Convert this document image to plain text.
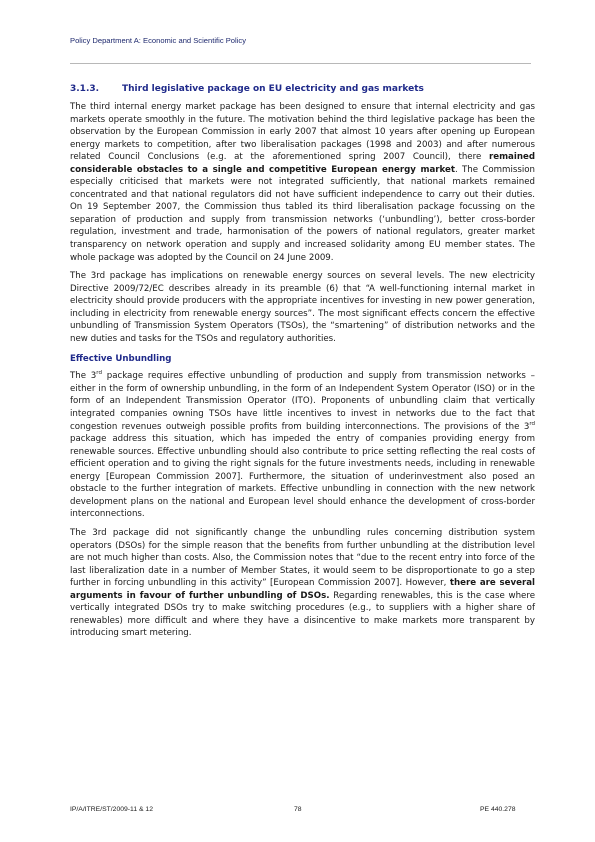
Policy Department A: Economic and Scientific Policy
3.1.3.	Third legislative package on EU electricity and gas markets

The third internal energy market package has been designed to ensure that internal electricity and gas markets operate smoothly in the future. The motivation behind the third legislative package has been the observation by the European Commission in early 2007 that almost 10 years after opening up European energy markets to competition, after two liberalisation packages (1998 and 2003) and after numerous related Council Conclusions (e.g. at the aforementioned spring 2007 Council), there remained considerable obstacles to a single and competitive European energy market. The Commission especially criticised that markets were not integrated sufficiently, that national markets remained concentrated and that national regulators did not have sufficient independence to carry out their duties. On 19 September 2007, the Commission thus tabled its third liberalisation package focussing on the separation of production and supply from transmission networks (‘unbundling’), better cross-border regulation, investment and trade, harmonisation of the powers of national regulators, greater market transparency on network operation and supply and increased solidarity among EU member states. The whole package was adopted by the Council on 24 June 2009.

The 3rd package has implications on renewable energy sources on several levels. The new electricity Directive 2009/72/EC describes already in its preamble (6) that “A well-functioning internal market in electricity should provide producers with the appropriate incentives for investing in new power generation, including in electricity from renewable energy sources”. The most significant effects concern the effective unbundling of Transmission System Operators (TSOs), the “smartening” of distribution networks and the new duties and tasks for the TSOs and regulatory authorities.

Effective Unbundling

The 3rd package requires effective unbundling of production and supply from transmission networks – either in the form of ownership unbundling, in the form of an Independent System Operator (ISO) or in the form of an Independent Transmission Operator (ITO). Proponents of unbundling claim that vertically integrated companies owning TSOs have little incentives to invest in networks due to the fact that congestion revenues outweigh possible profits from building interconnections. The provisions of the 3rd package address this situation, which has impeded the entry of companies providing energy from renewable sources. Effective unbundling should also contribute to price setting reflecting the real costs of efficient operation and to giving the right signals for the future investments needs, including in renewable energy [European Commission 2007]. Furthermore, the situation of underinvestment also posed an obstacle to the further integration of markets. Effective unbundling in connection with the new network development plans on the national and European level should enhance the development of cross-border interconnections.

The 3rd package did not significantly change the unbundling rules concerning distribution system operators (DSOs) for the simple reason that the benefits from further unbundling at the distribution level are not much higher than costs. Also, the Commission notes that “due to the recent entry into force of the last liberalization date in a number of Member States, it would seem to be disproportionate to go a step further in forcing unbundling in this activity” [European Commission 2007]. However, there are several arguments in favour of further unbundling of DSOs. Regarding renewables, this is the case where vertically integrated DSOs try to make switching procedures (e.g., to suppliers with a higher share of renewables) more difficult and where they have a disincentive to make markets more transparent by introducing smart metering.

IP/A/ITRE/ST/2009-11 & 12	78	PE 440.278
